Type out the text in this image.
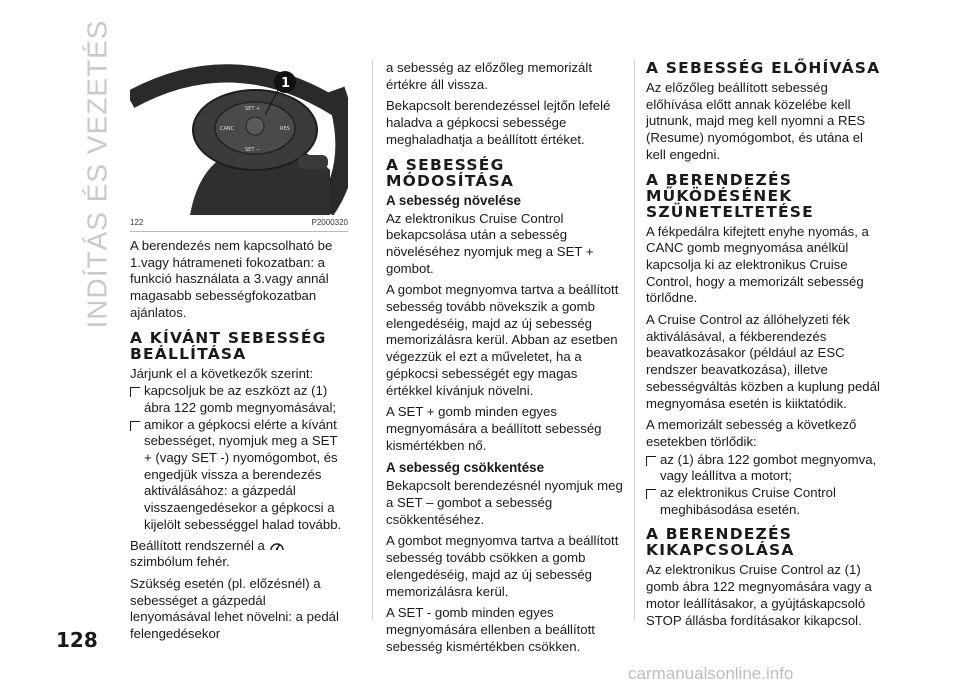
INDÍTÁS ÉS VEZETÉS	SET +
SET −
CANC	RES
1
122	P2000320

A berendezés nem kapcsolható be 1.vagy hátrameneti fokozatban: a funkció használata a 3.vagy annál magasabb sebességfokozatban ajánlatos.

A KÍVÁNT SEBESSÉG BEÁLLÍTÁSA

Járjunk el a következők szerint:

kapcsoljuk be az eszközt az (1) ábra 122 gomb megnyomásával;
amikor a gépkocsi elérte a kívánt sebességet, nyomjuk meg a SET + (vagy SET -) nyomógombot, és engedjük vissza a berendezés aktiválásához: a gázpedál visszaengedésekor a gépkocsi a kijelölt sebességgel halad tovább.

Beállított rendszernél a  szimbólum fehér.

Szükség esetén (pl. előzésnél) a sebességet a gázpedál lenyomásával lehet növelni: a pedál felengedésekor

a sebesség az előzőleg memorizált értékre áll vissza.

Bekapcsolt berendezéssel lejtőn lefelé haladva a gépkocsi sebessége meghaladhatja a beállított értéket.

A SEBESSÉG MÓDOSÍTÁSA
A sebesség növelése

Az elektronikus Cruise Control bekapcsolása után a sebesség növeléséhez nyomjuk meg a SET + gombot.

A gombot megnyomva tartva a beállított sebesség tovább növekszik a gomb elengedéséig, majd az új sebesség memorizálásra kerül. Abban az esetben végezzük el ezt a műveletet, ha a gépkocsi sebességét egy magas értékkel kívánjuk növelni.

A SET + gomb minden egyes megnyomására a beállított sebesség kismértékben nő.

A sebesség csökkentése

Bekapcsolt berendezésnél nyomjuk meg a SET – gombot a sebesség csökkentéséhez.

A gombot megnyomva tartva a beállított sebesség tovább csökken a gomb elengedéséig, majd az új sebesség memorizálásra kerül.

A SET - gomb minden egyes megnyomására ellenben a beállított sebesség kismértékben csökken.

A SEBESSÉG ELŐHÍVÁSA

Az előzőleg beállított sebesség előhívása előtt annak közelébe kell jutnunk, majd meg kell nyomni a RES (Resume) nyomógombot, és utána el kell engedni.

A BERENDEZÉS MŰKÖDÉSÉNEK SZÜNETELTETÉSE

A fékpedálra kifejtett enyhe nyomás, a CANC gomb megnyomása anélkül kapcsolja ki az elektronikus Cruise Control, hogy a memorizált sebesség törlődne.

A Cruise Control az állóhelyzeti fék aktiválásával, a fékberendezés beavatkozásakor (például az ESC rendszer beavatkozása), illetve sebességváltás közben a kuplung pedál megnyomása esetén is kiiktatódik.

A memorizált sebesség a következő esetekben törlődik:

az (1) ábra 122 gombot megnyomva, vagy leállítva a motort;
az elektronikus Cruise Control meghibásodása esetén.
A BERENDEZÉS KIKAPCSOLÁSA

Az elektronikus Cruise Control az (1) gomb ábra 122 megnyomására vagy a motor leállításakor, a gyújtáskapcsoló STOP állásba fordításakor kikapcsol.

128
carmanualsonline.info
